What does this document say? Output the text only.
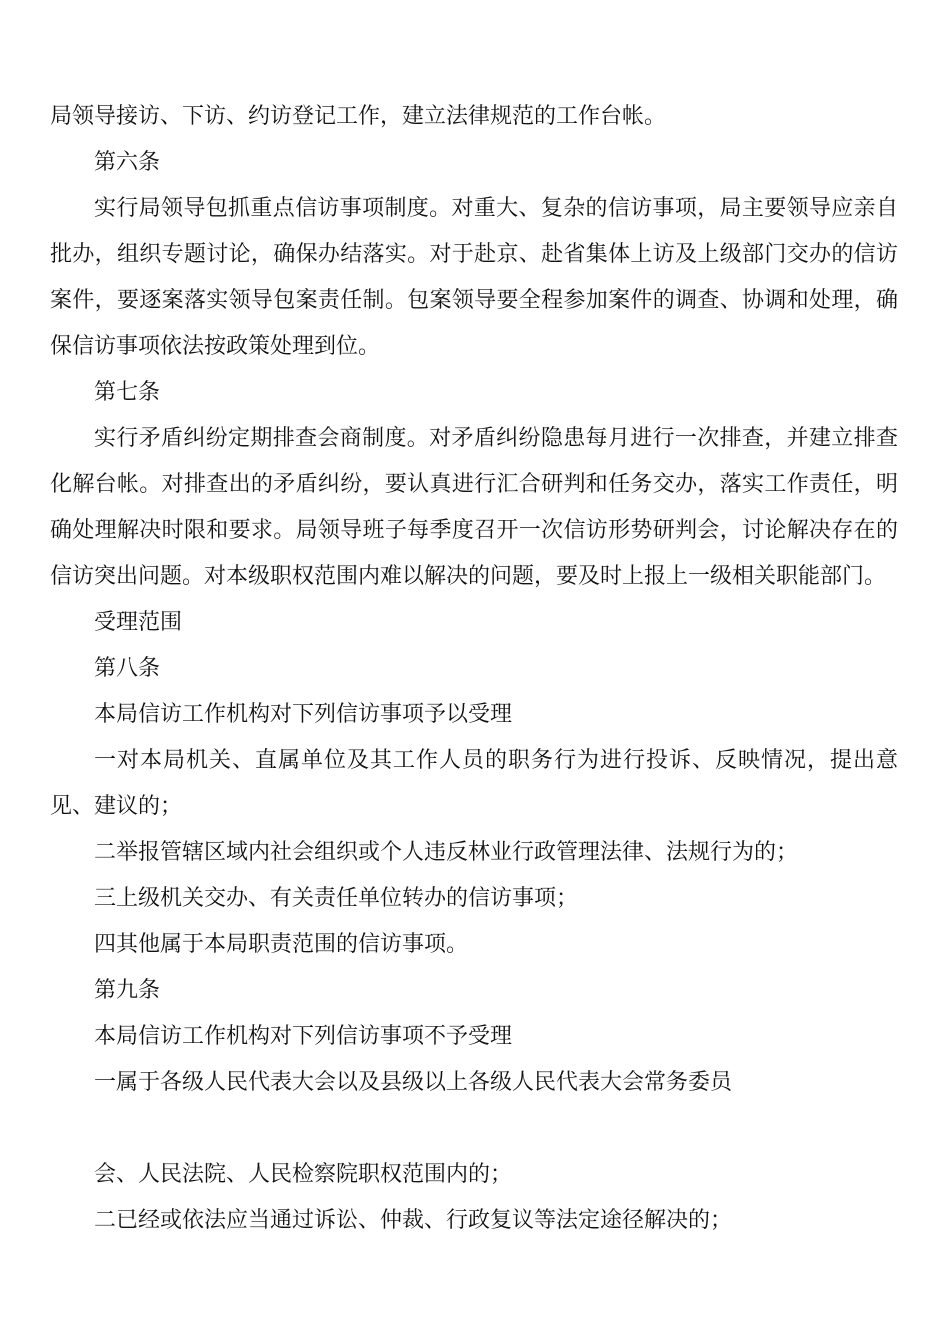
局领导接访、下访、约访登记工作，建立法律规范的工作台帐。

第六条

实行局领导包抓重点信访事项制度。对重大、复杂的信访事项，局主要领导应亲自批办，组织专题讨论，确保办结落实。对于赴京、赴省集体上访及上级部门交办的信访案件，要逐案落实领导包案责任制。包案领导要全程参加案件的调查、协调和处理，确保信访事项依法按政策处理到位。

第七条

实行矛盾纠纷定期排查会商制度。对矛盾纠纷隐患每月进行一次排查，并建立排查化解台帐。对排查出的矛盾纠纷，要认真进行汇合研判和任务交办，落实工作责任，明确处理解决时限和要求。局领导班子每季度召开一次信访形势研判会，讨论解决存在的信访突出问题。对本级职权范围内难以解决的问题，要及时上报上一级相关职能部门。

受理范围

第八条

本局信访工作机构对下列信访事项予以受理

一对本局机关、直属单位及其工作人员的职务行为进行投诉、反映情况，提出意见、建议的；

二举报管辖区域内社会组织或个人违反林业行政管理法律、法规行为的；

三上级机关交办、有关责任单位转办的信访事项；

四其他属于本局职责范围的信访事项。

第九条

本局信访工作机构对下列信访事项不予受理

一属于各级人民代表大会以及县级以上各级人民代表大会常务委员

会、人民法院、人民检察院职权范围内的；

二已经或依法应当通过诉讼、仲裁、行政复议等法定途径解决的；
